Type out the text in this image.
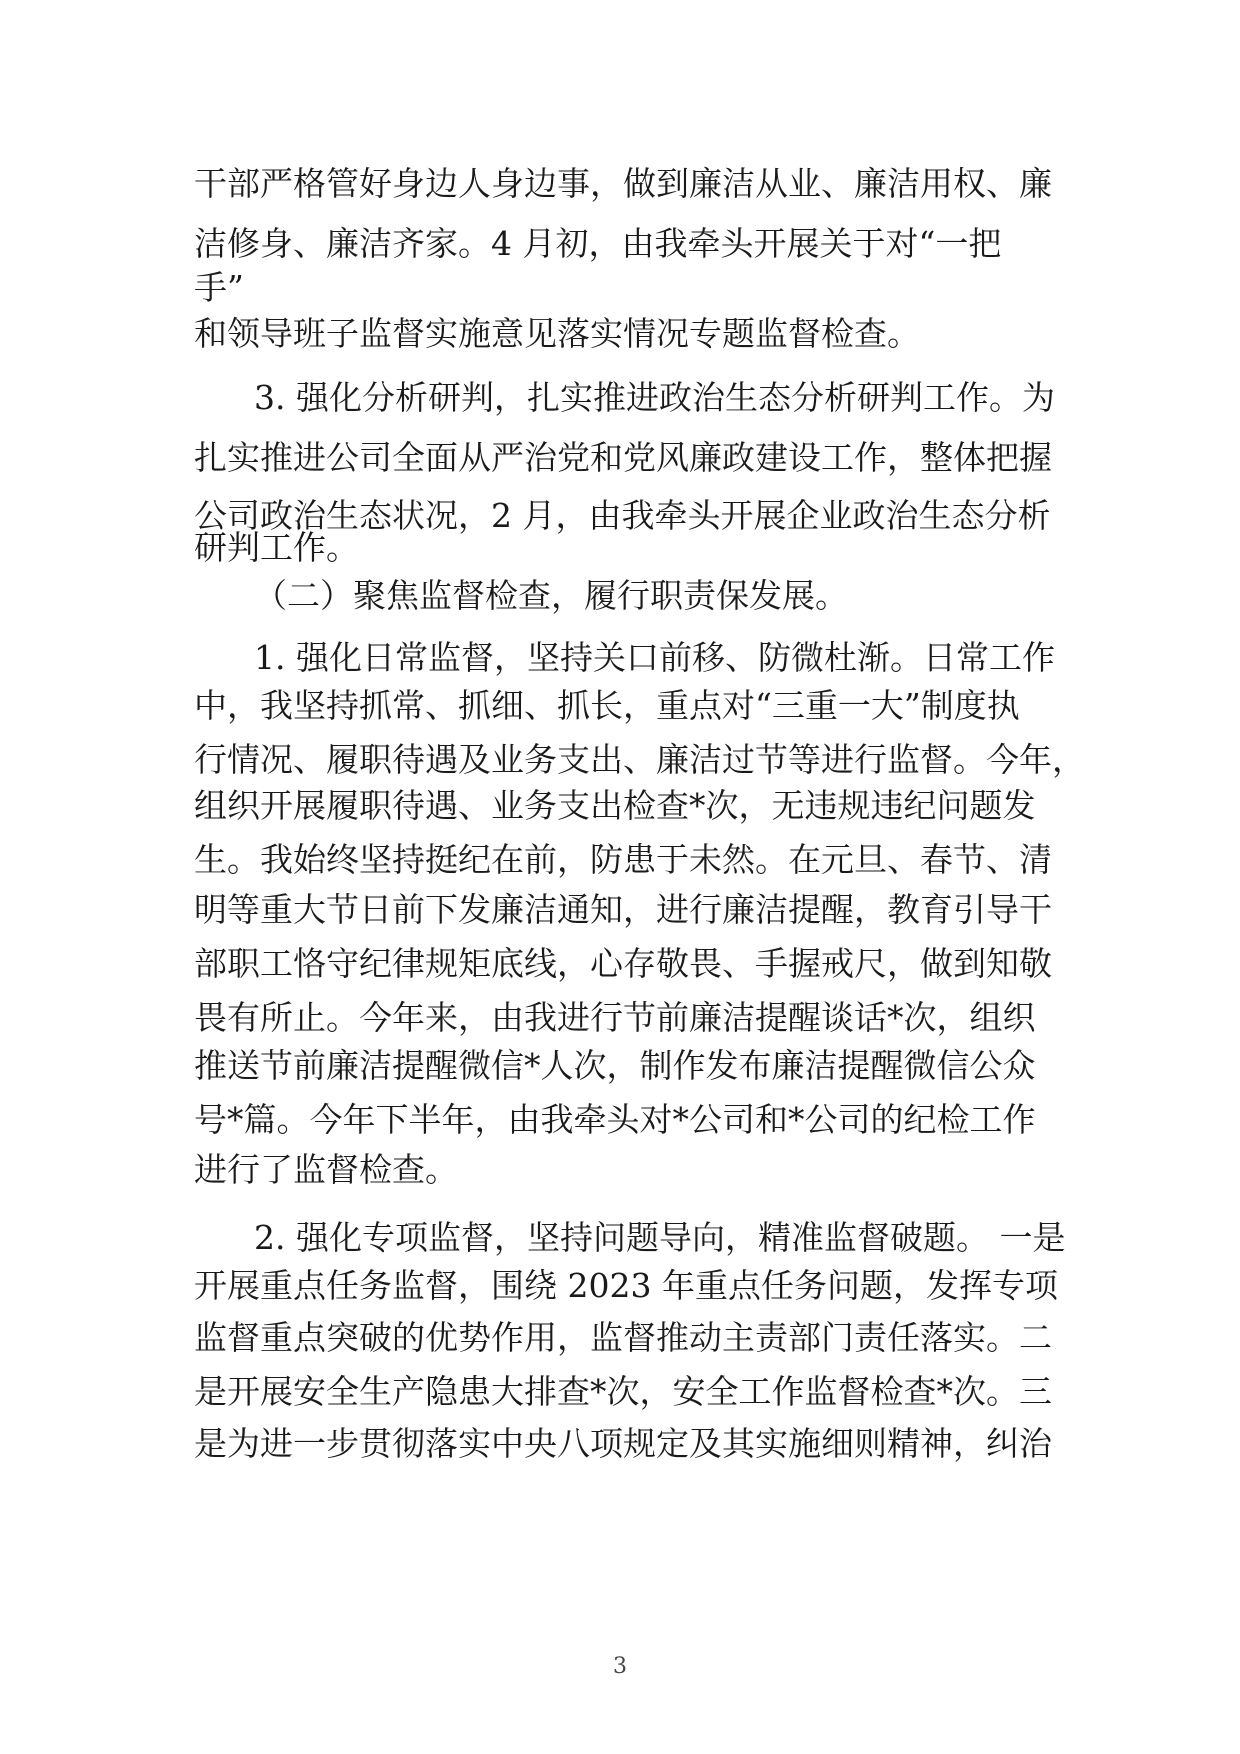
干部严格管好身边人身边事，做到廉洁从业、廉洁用权、廉
洁修身、廉洁齐家。4 月初，由我牵头开展关于对“一把
手”
和领导班子监督实施意见落实情况专题监督检查。
3. 强化分析研判，扎实推进政治生态分析研判工作。为
扎实推进公司全面从严治党和党风廉政建设工作，整体把握
公司政治生态状况，2 月，由我牵头开展企业政治生态分析
研判工作。
（二）聚焦监督检查，履行职责保发展。
1. 强化日常监督，坚持关口前移、防微杜渐。日常工作
中，我坚持抓常、抓细、抓长，重点对“三重一大”制度执
行情况、履职待遇及业务支出、廉洁过节等进行监督。今年，
组织开展履职待遇、业务支出检查*次，无违规违纪问题发
生。我始终坚持挺纪在前，防患于未然。在元旦、春节、清
明等重大节日前下发廉洁通知，进行廉洁提醒，教育引导干
部职工恪守纪律规矩底线，心存敬畏、手握戒尺，做到知敬
畏有所止。今年来，由我进行节前廉洁提醒谈话*次，组织
推送节前廉洁提醒微信*人次，制作发布廉洁提醒微信公众
号*篇。今年下半年，由我牵头对*公司和*公司的纪检工作
进行了监督检查。
2. 强化专项监督，坚持问题导向，精准监督破题。 一是
开展重点任务监督，围绕 2023 年重点任务问题，发挥专项
监督重点突破的优势作用，监督推动主责部门责任落实。二
是开展安全生产隐患大排查*次，安全工作监督检查*次。三
是为进一步贯彻落实中央八项规定及其实施细则精神，纠治
3
